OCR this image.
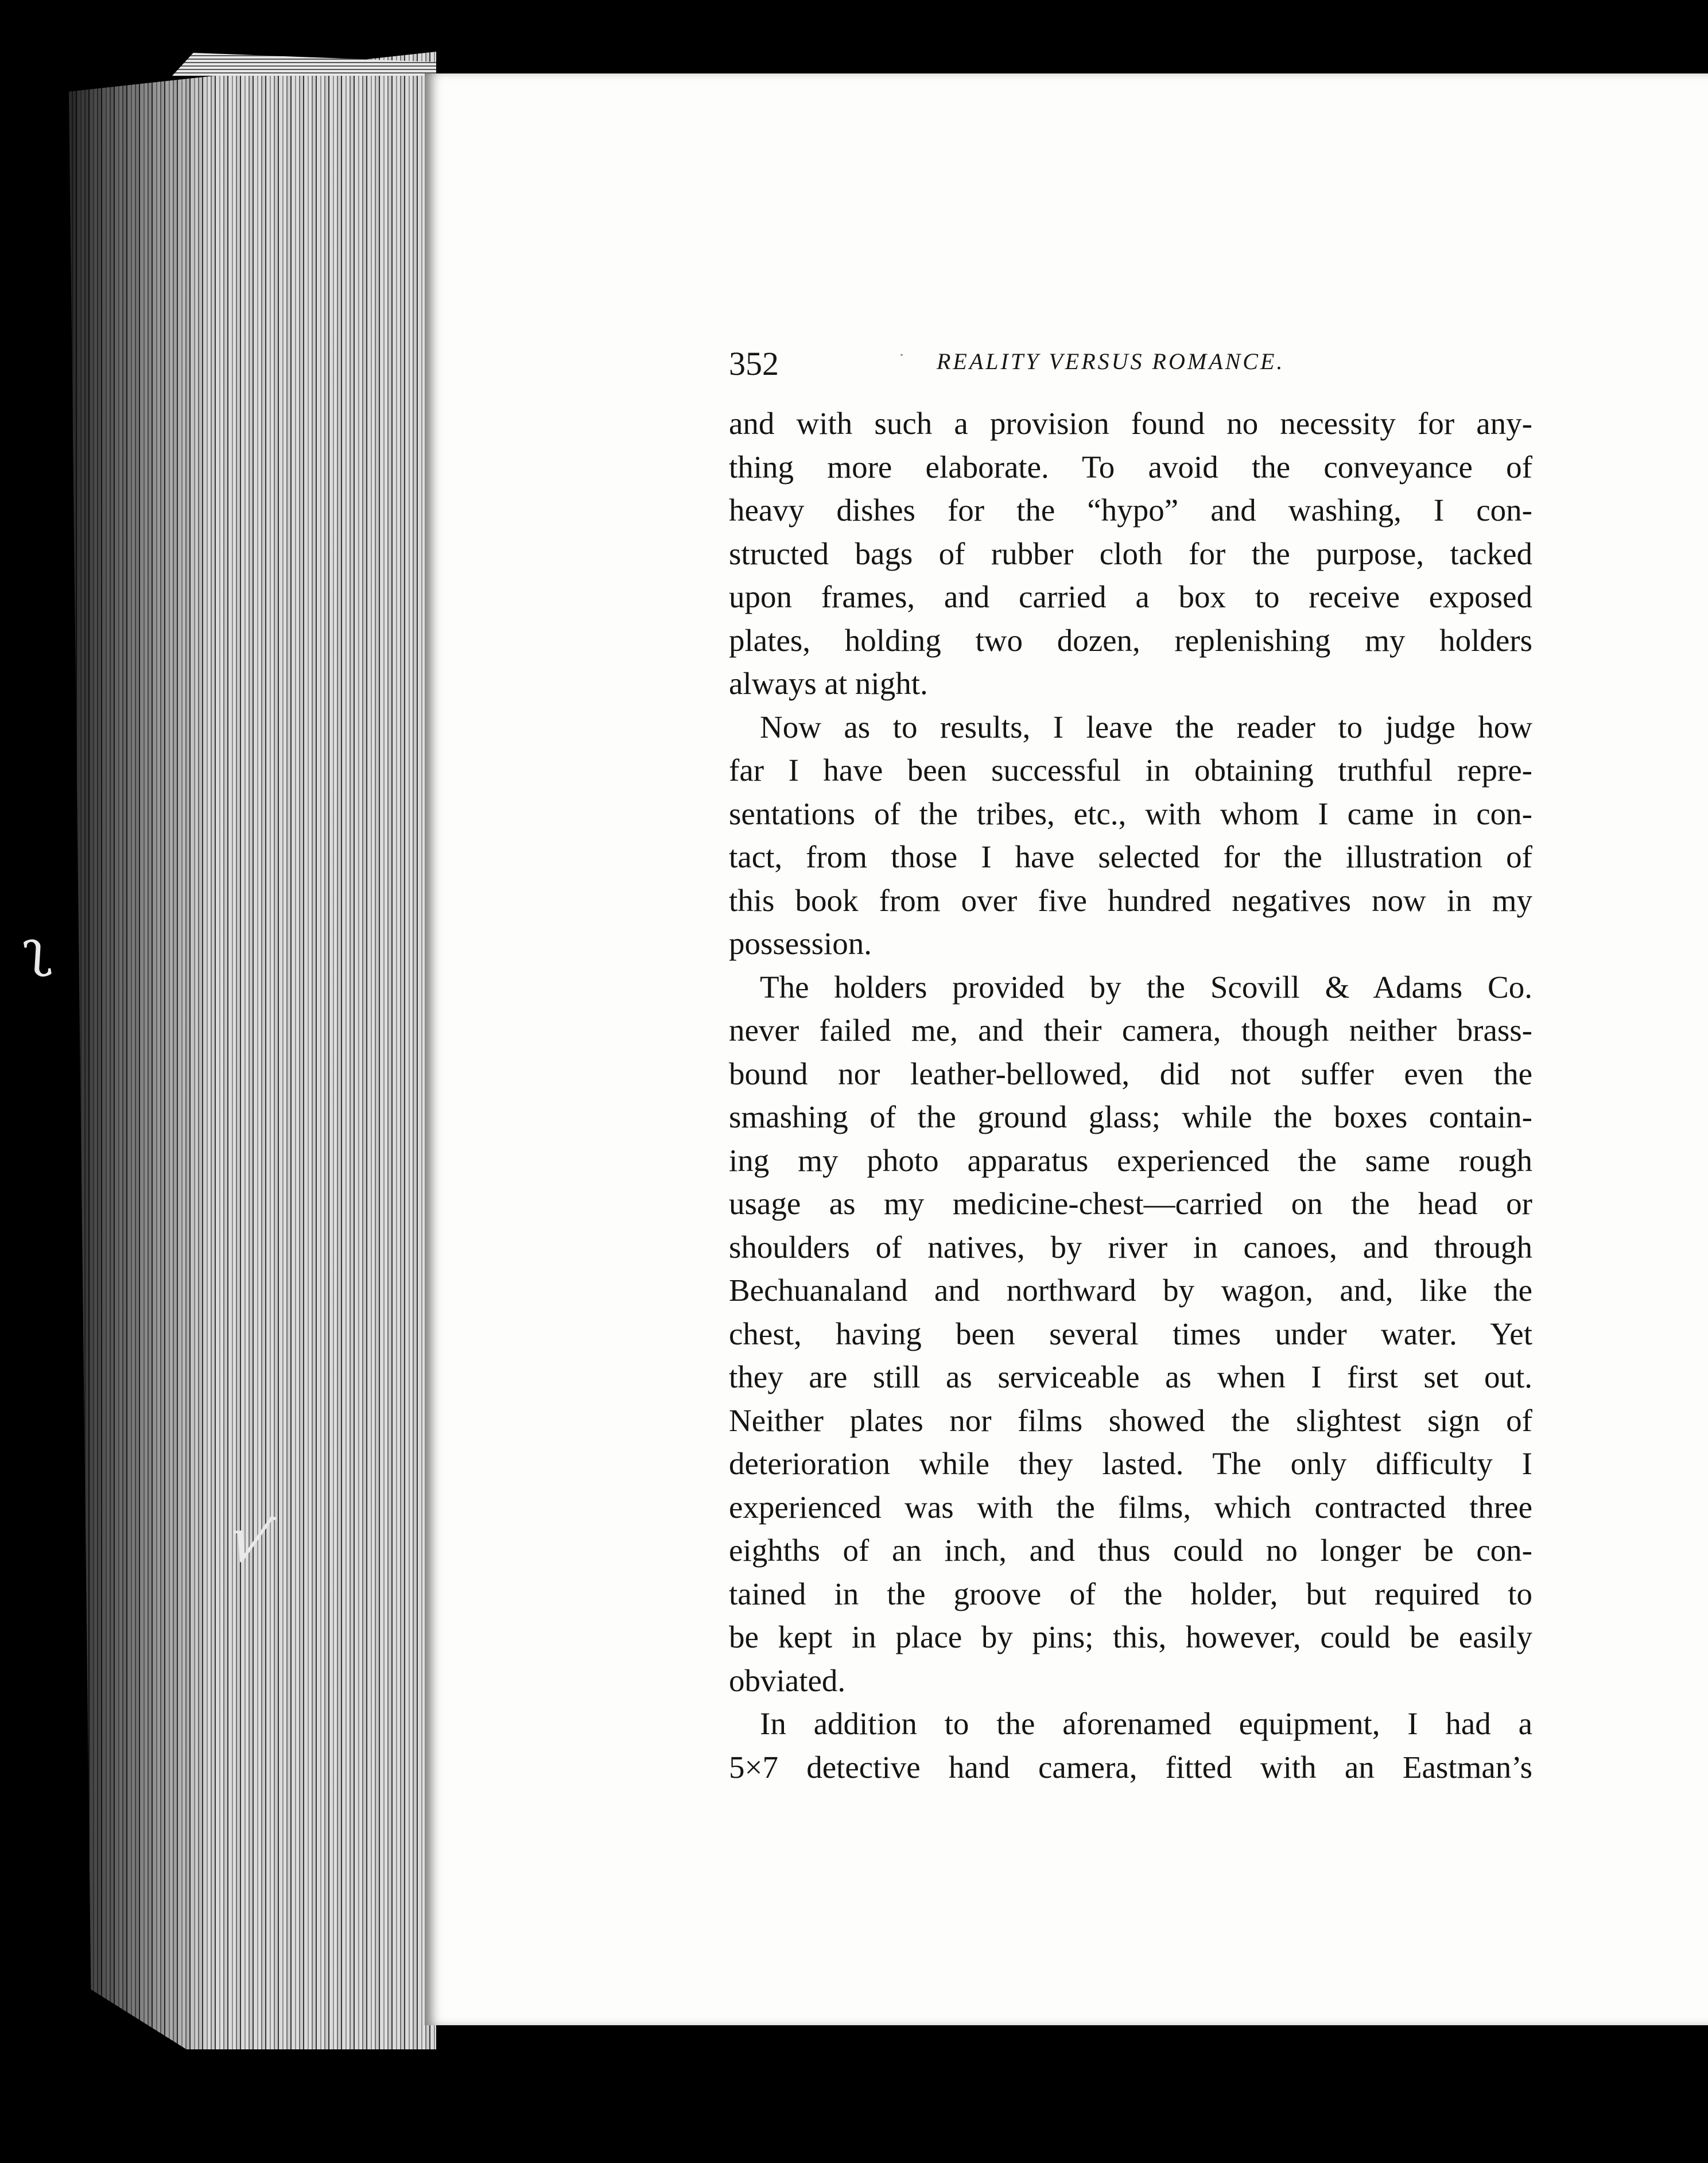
ʅ
√
352	· REALITY VERSUS ROMANCE.
and with such a provision found no necessity for any-
thing more elaborate. To avoid the conveyance of
heavy dishes for the “hypo” and washing, I con-
structed bags of rubber cloth for the purpose, tacked
upon frames, and carried a box to receive exposed
plates, holding two dozen, replenishing my holders
always at night.
Now as to results, I leave the reader to judge how
far I have been successful in obtaining truthful repre-
sentations of the tribes, etc., with whom I came in con-
tact, from those I have selected for the illustration of
this book from over five hundred negatives now in my
possession.
The holders provided by the Scovill & Adams Co.
never failed me, and their camera, though neither brass-
bound nor leather-bellowed, did not suffer even the
smashing of the ground glass; while the boxes contain-
ing my photo apparatus experienced the same rough
usage as my medicine-chest—carried on the head or
shoulders of natives, by river in canoes, and through
Bechuanaland and northward by wagon, and, like the
chest, having been several times under water. Yet
they are still as serviceable as when I first set out.
Neither plates nor films showed the slightest sign of
deterioration while they lasted. The only difficulty I
experienced was with the films, which contracted three
eighths of an inch, and thus could no longer be con-
tained in the groove of the holder, but required to
be kept in place by pins; this, however, could be easily
obviated.
In addition to the aforenamed equipment, I had a
5×7 detective hand camera, fitted with an Eastman’s
